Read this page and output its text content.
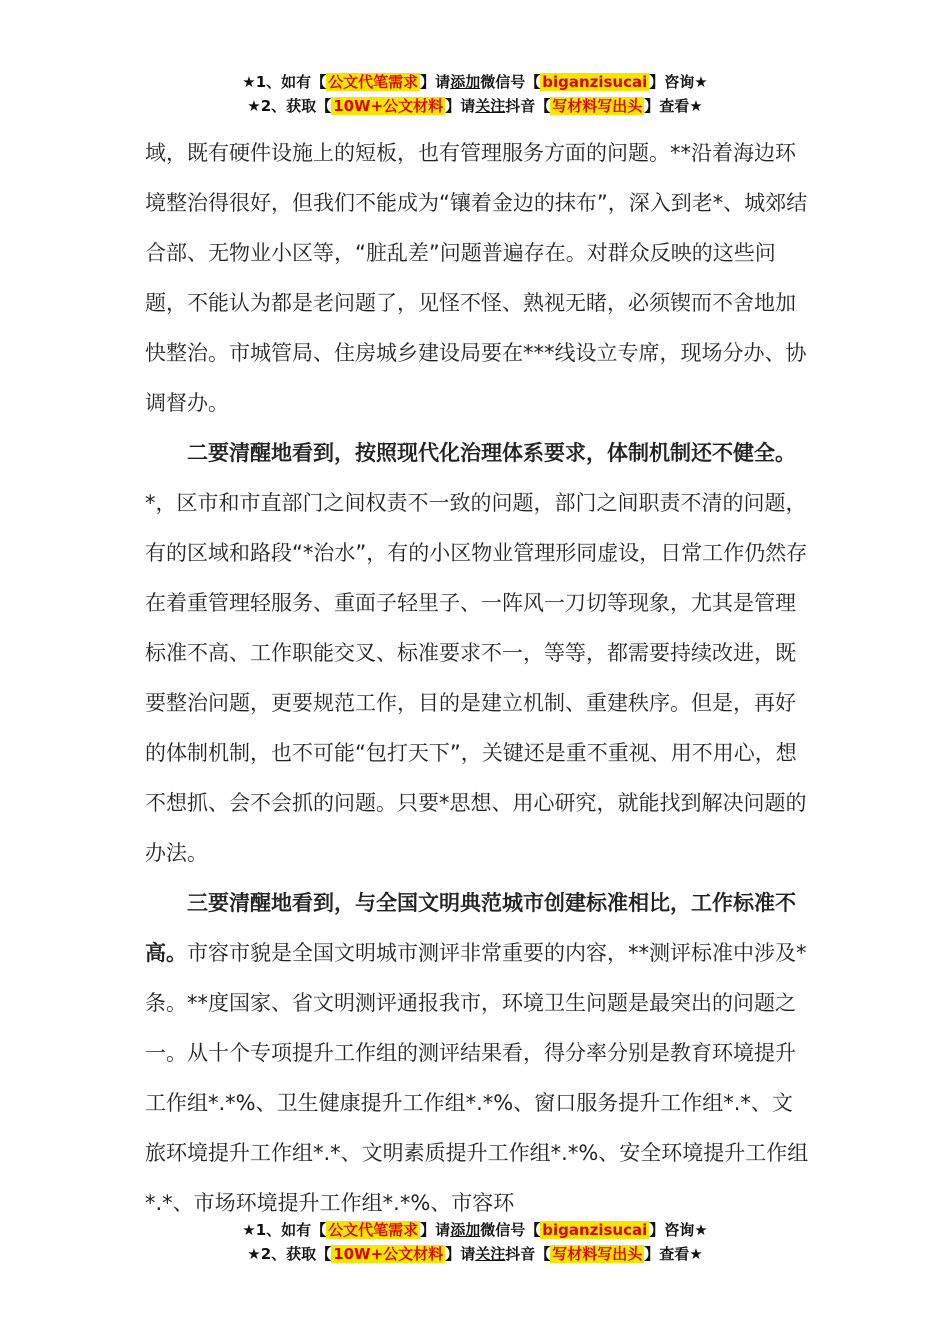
★1、如有【 公文代笔需求 】请添加微信号【 biganzisucai 】咨询★
★2、获取【 10W+公文材料 】请关注抖音【 写材料写出头 】查看★

域，既有硬件设施上的短板，也有管理服务方面的问题。**沿着海边环境整治得很好，但我们不能成为“镶着金边的抹布”，深入到老*、城郊结合部、无物业小区等，“脏乱差”问题普遍存在。对群众反映的这些问题，不能认为都是老问题了，见怪不怪、熟视无睹，必须锲而不舍地加快整治。市城管局、住房城乡建设局要在***线设立专席，现场分办、协调督办。

二要清醒地看到，按照现代化治理体系要求，体制机制还不健全。*，区市和市直部门之间权责不一致的问题，部门之间职责不清的问题，有的区域和路段“*治水”，有的小区物业管理形同虚设，日常工作仍然存在着重管理轻服务、重面子轻里子、一阵风一刀切等现象，尤其是管理标准不高、工作职能交叉、标准要求不一，等等，都需要持续改进，既要整治问题，更要规范工作，目的是建立机制、重建秩序。但是，再好的体制机制，也不可能“包打天下”，关键还是重不重视、用不用心，想不想抓、会不会抓的问题。只要*思想、用心研究，就能找到解决问题的办法。

三要清醒地看到，与全国文明典范城市创建标准相比，工作标准不高。市容市貌是全国文明城市测评非常重要的内容，**测评标准中涉及*条。**度国家、省文明测评通报我市，环境卫生问题是最突出的问题之一。从十个专项提升工作组的测评结果看，得分率分别是教育环境提升工作组*.*%、卫生健康提升工作组*.*%、窗口服务提升工作组*.*、文旅环境提升工作组*.*、文明素质提升工作组*.*%、安全环境提升工作组*.*、市场环境提升工作组*.*%、市容环

★1、如有【 公文代笔需求 】请添加微信号【 biganzisucai 】咨询★
★2、获取【 10W+公文材料 】请关注抖音【 写材料写出头 】查看★
